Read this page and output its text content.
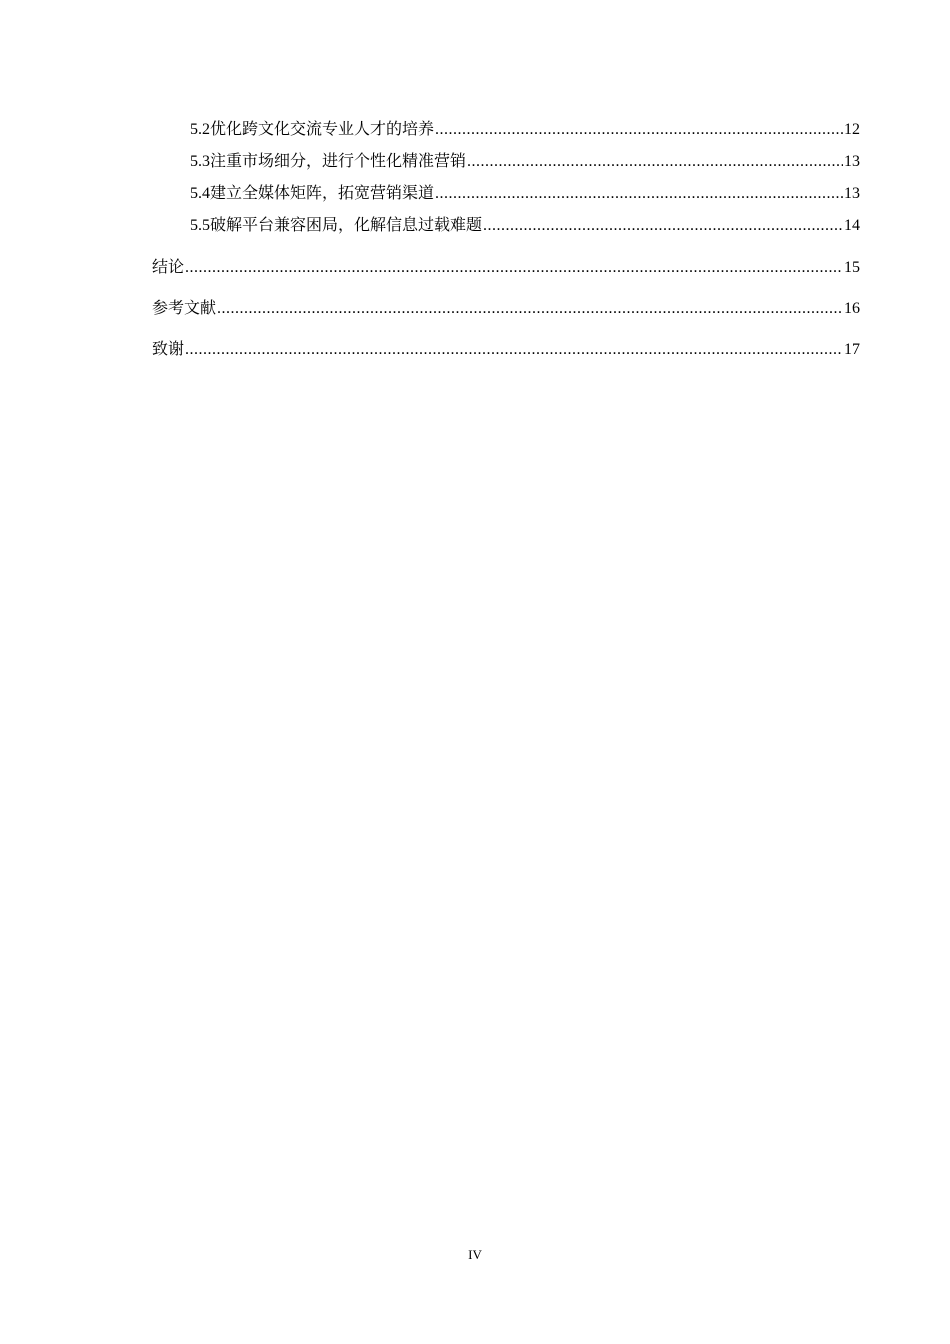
5.2 优化跨文化交流专业人才的培养 .....	12
5.3 注重市场细分，进行个性化精准营销 .....	13
5.4 建立全媒体矩阵，拓宽营销渠道 .....	13
5.5 破解平台兼容困局，化解信息过载难题 .....	14
结论 .....	15
参考文献 .....	16
致谢 .....	17
IV
